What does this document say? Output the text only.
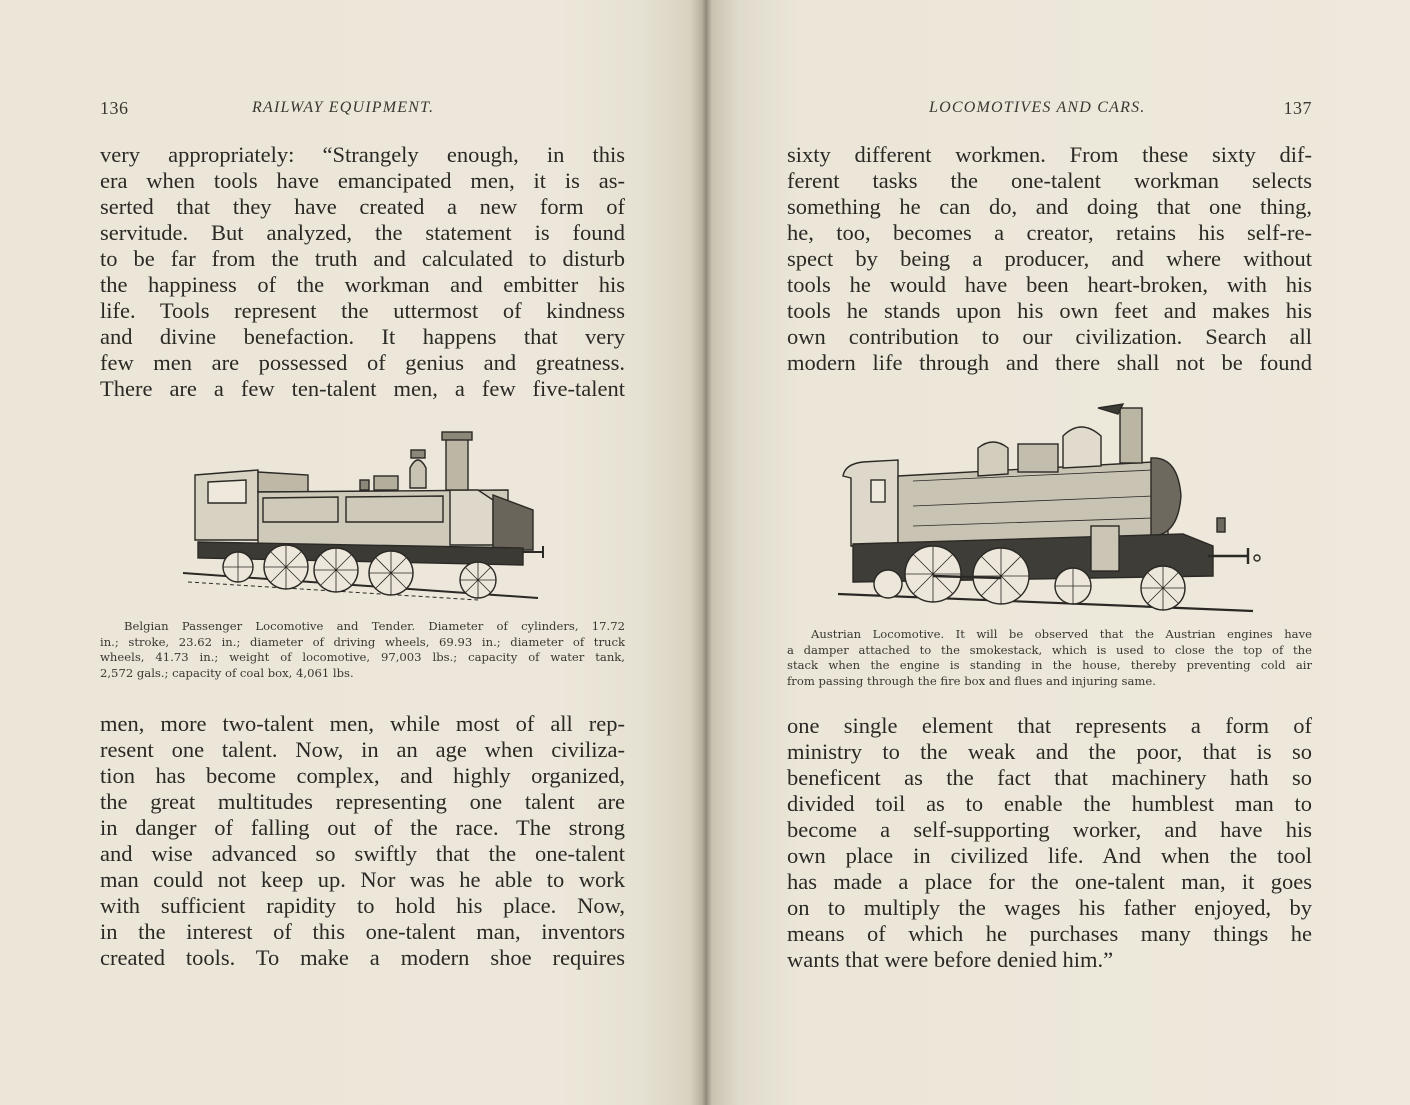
136	RAILWAY EQUIPMENT.
very appropriately: “Strangely enough, in this
era when tools have emancipated men, it is as-
serted that they have created a new form of
servitude. But analyzed, the statement is found
to be far from the truth and calculated to disturb
the happiness of the workman and embitter his
life. Tools represent the uttermost of kindness
and divine benefaction. It happens that very
few men are possessed of genius and greatness.
There are a few ten-talent men, a few five-talent
Belgian Passenger Locomotive and Tender. Diameter of cylinders, 17.72
in.; stroke, 23.62 in.; diameter of driving wheels, 69.93 in.; diameter of truck
wheels, 41.73 in.; weight of locomotive, 97,003 lbs.; capacity of water tank,
2,572 gals.; capacity of coal box, 4,061 lbs.
men, more two-talent men, while most of all rep-
resent one talent. Now, in an age when civiliza-
tion has become complex, and highly organized,
the great multitudes representing one talent are
in danger of falling out of the race. The strong
and wise advanced so swiftly that the one-talent
man could not keep up. Nor was he able to work
with sufficient rapidity to hold his place. Now,
in the interest of this one-talent man, inventors
created tools. To make a modern shoe requires
LOCOMOTIVES AND CARS.	137
sixty different workmen. From these sixty dif-
ferent tasks the one-talent workman selects
something he can do, and doing that one thing,
he, too, becomes a creator, retains his self-re-
spect by being a producer, and where without
tools he would have been heart-broken, with his
tools he stands upon his own feet and makes his
own contribution to our civilization. Search all
modern life through and there shall not be found
Austrian Locomotive. It will be observed that the Austrian engines have
a damper attached to the smokestack, which is used to close the top of the
stack when the engine is standing in the house, thereby preventing cold air
from passing through the fire box and flues and injuring same.
one single element that represents a form of
ministry to the weak and the poor, that is so
beneficent as the fact that machinery hath so
divided toil as to enable the humblest man to
become a self-supporting worker, and have his
own place in civilized life. And when the tool
has made a place for the one-talent man, it goes
on to multiply the wages his father enjoyed, by
means of which he purchases many things he
wants that were before denied him.”
